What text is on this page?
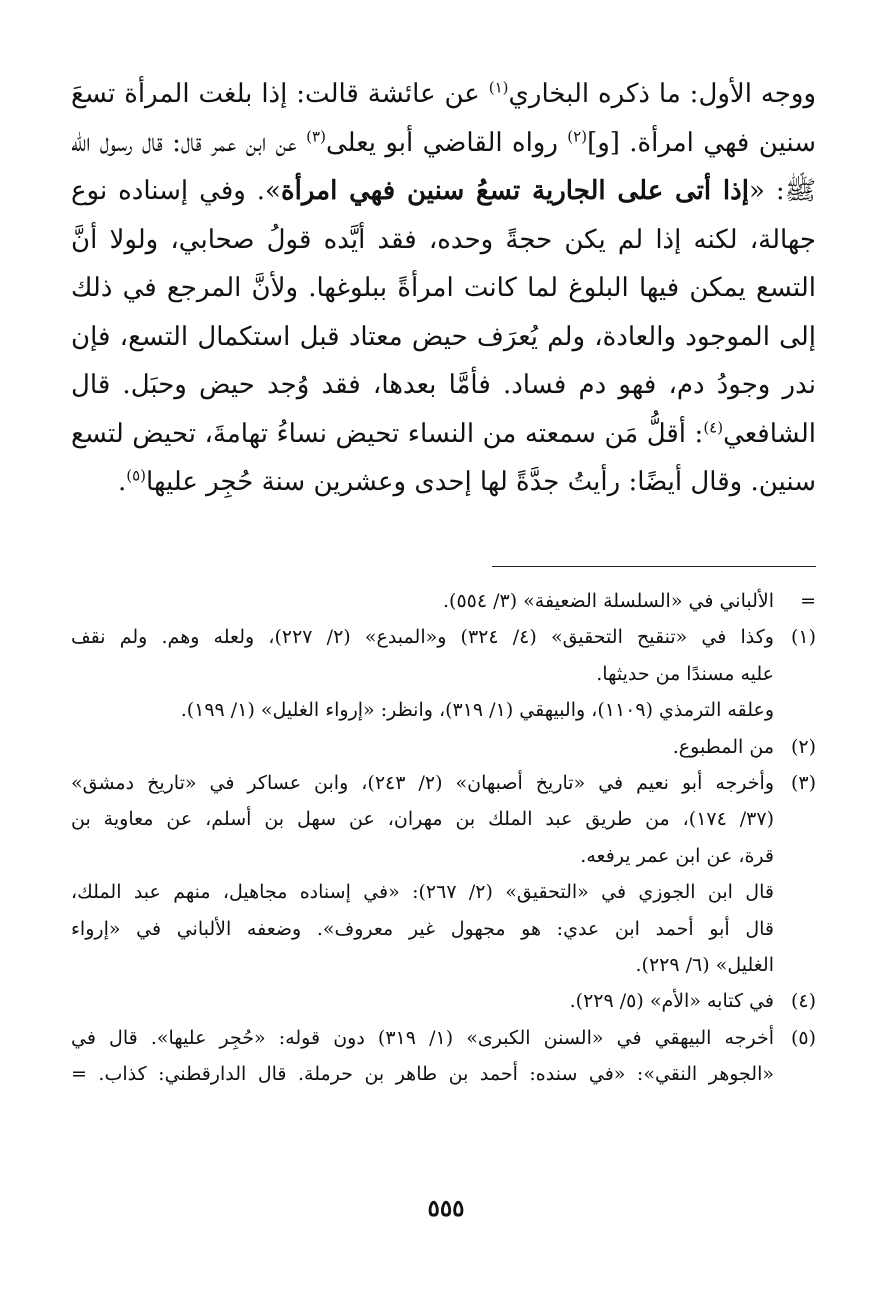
ووجه الأول: ما ذكره البخاري$^{(١)}$ عن عائشة قالت: إذا بلغت المرأة تسعَ سنين فهي امرأة. [و]$^{(٢)}$ رواه القاضي أبو يعلى$^{(٣)}$ عن ابن عمر قال: قال رسول الله ﷺ: «إذا أتى على الجارية تسعُ سنين فهي امرأة». وفي إسناده نوع جهالة، لكنه إذا لم يكن حجةً وحده، فقد أيَّده قولُ صحابي، ولولا أنَّ التسع يمكن فيها البلوغ لما كانت امرأةً ببلوغها. ولأنَّ المرجع في ذلك إلى الموجود والعادة، ولم يُعرَف حيض معتاد قبل استكمال التسع، فإن ندر وجودُ دم، فهو دم فساد. فأمَّا بعدها، فقد وُجد حيض وحبَل. قال الشافعي$^{(٤)}$: أقلُّ مَن سمعته من النساء تحيض نساءُ تهامةَ، تحيض لتسع سنين. وقال أيضًا: رأيتُ جدَّةً لها إحدى وعشرين سنة حُجِر عليها$^{(٥)}$.

=
الألباني في «السلسلة الضعيفة» (٣/ ٥٥٤).
(١)
وكذا في «تنقيح التحقيق» (٤/ ٣٢٤) و«المبدع» (٢/ ٢٢٧)، ولعله وهم. ولم نقف
عليه مسندًا من حديثها.
وعلقه الترمذي (١١٠٩)، والبيهقي (١/ ٣١٩)، وانظر: «إرواء الغليل» (١/ ١٩٩).
(٢)
من المطبوع.
(٣)
وأخرجه أبو نعيم في «تاريخ أصبهان» (٢/ ٢٤٣)، وابن عساكر في «تاريخ دمشق»
(٣٧/ ١٧٤)، من طريق عبد الملك بن مهران، عن سهل بن أسلم، عن معاوية بن
قرة، عن ابن عمر يرفعه.
قال ابن الجوزي في «التحقيق» (٢/ ٢٦٧): «في إسناده مجاهيل، منهم عبد الملك،
قال أبو أحمد ابن عدي: هو مجهول غير معروف». وضعفه الألباني في «إرواء
الغليل» (٦/ ٢٢٩).
(٤)
في كتابه «الأم» (٥/ ٢٢٩).
(٥)
أخرجه البيهقي في «السنن الكبرى» (١/ ٣١٩) دون قوله: «حُجِر عليها». قال في
«الجوهر النقي»: «في سنده: أحمد بن طاهر بن حرملة. قال الدارقطني: كذاب. =
٥٥٥
